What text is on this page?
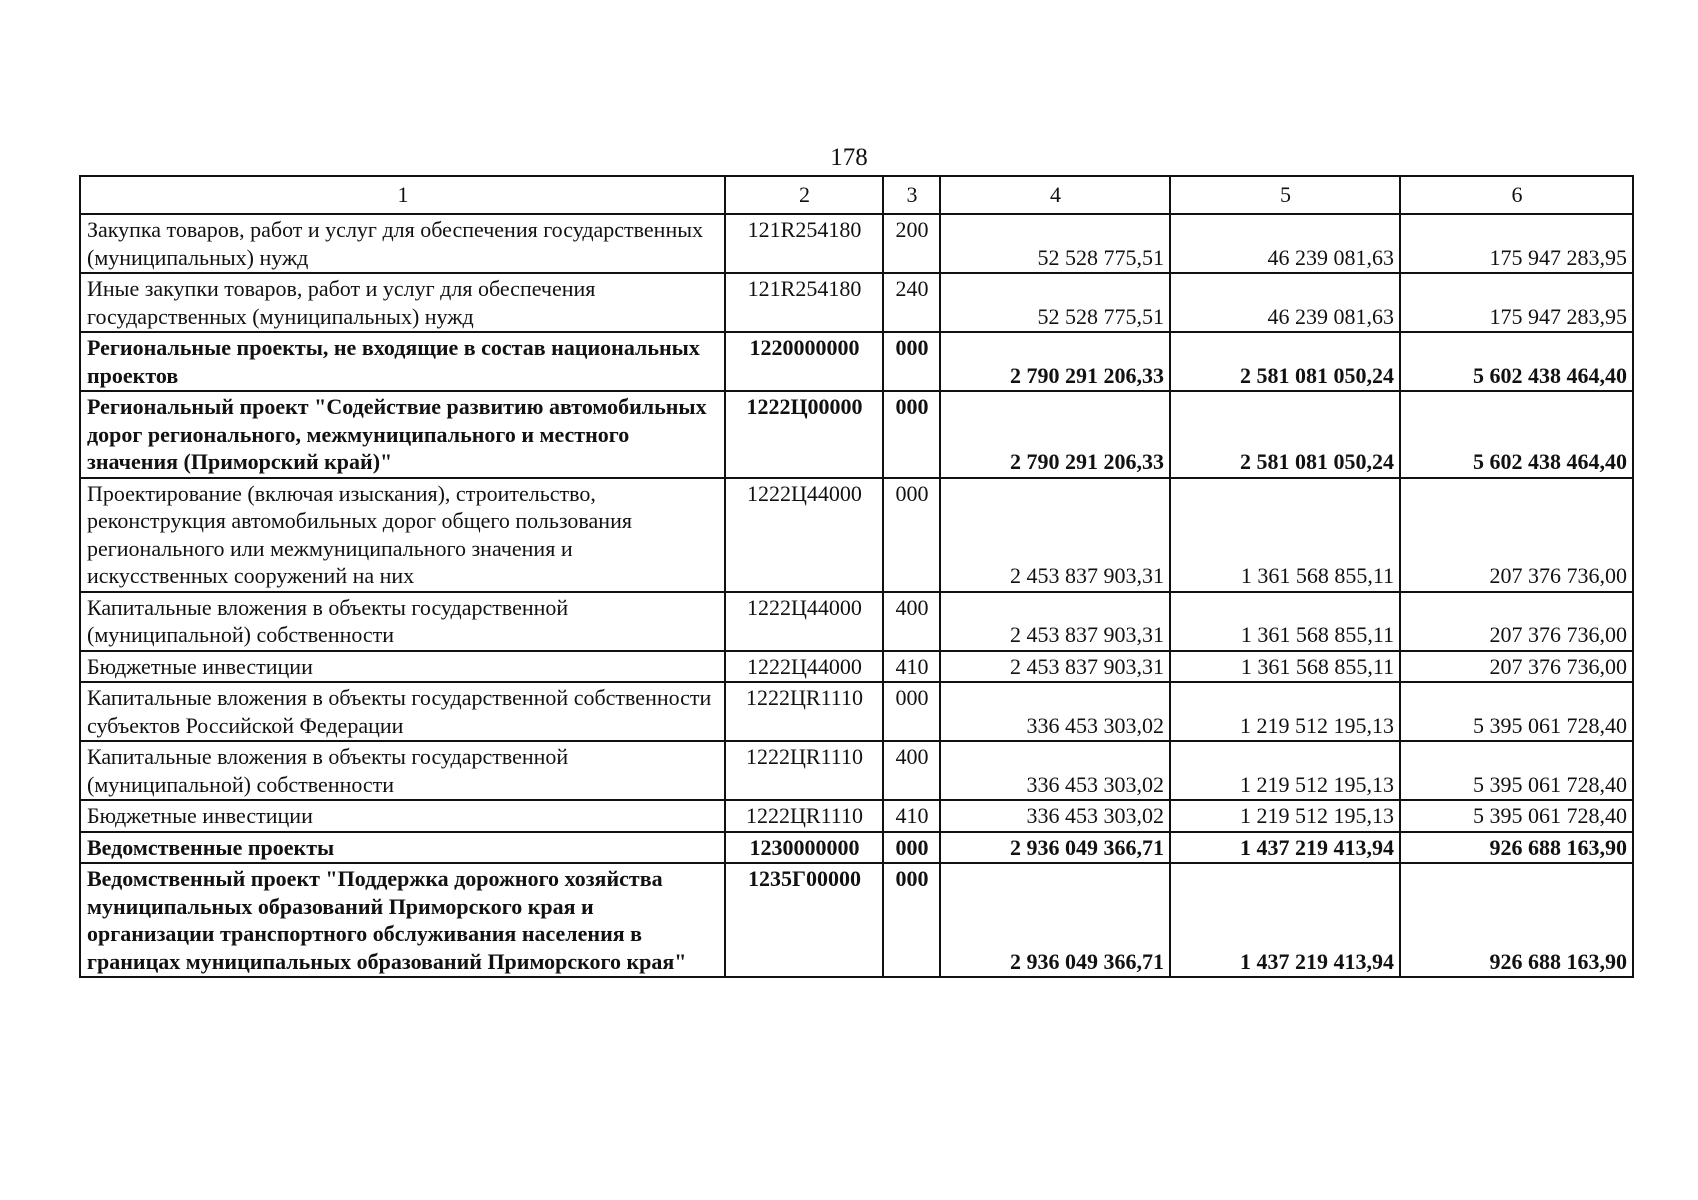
178
1	2	3	4	5	6
Закупка товаров, работ и услуг для обеспечения государственных (муниципальных) нужд	121R254180	200	52 528 775,51	46 239 081,63	175 947 283,95
Иные закупки товаров, работ и услуг для обеспечения государственных (муниципальных) нужд	121R254180	240	52 528 775,51	46 239 081,63	175 947 283,95
Региональные проекты, не входящие в состав национальных проектов	1220000000	000	2 790 291 206,33	2 581 081 050,24	5 602 438 464,40
Региональный проект "Содействие развитию автомобильных дорог регионального, межмуниципального и местного значения (Приморский край)"	1222Ц00000	000	2 790 291 206,33	2 581 081 050,24	5 602 438 464,40
Проектирование (включая изыскания), строительство, реконструкция автомобильных дорог общего пользования регионального или межмуниципального значения и искусственных сооружений на них	1222Ц44000	000	2 453 837 903,31	1 361 568 855,11	207 376 736,00
Капитальные вложения в объекты государственной (муниципальной) собственности	1222Ц44000	400	2 453 837 903,31	1 361 568 855,11	207 376 736,00
Бюджетные инвестиции	1222Ц44000	410	2 453 837 903,31	1 361 568 855,11	207 376 736,00
Капитальные вложения в объекты государственной собственности субъектов Российской Федерации	1222ЦR1110	000	336 453 303,02	1 219 512 195,13	5 395 061 728,40
Капитальные вложения в объекты государственной (муниципальной) собственности	1222ЦR1110	400	336 453 303,02	1 219 512 195,13	5 395 061 728,40
Бюджетные инвестиции	1222ЦR1110	410	336 453 303,02	1 219 512 195,13	5 395 061 728,40
Ведомственные проекты	1230000000	000	2 936 049 366,71	1 437 219 413,94	926 688 163,90
Ведомственный проект "Поддержка дорожного хозяйства муниципальных образований Приморского края и организации транспортного обслуживания населения в границах муниципальных образований Приморского края"	1235Г00000	000	2 936 049 366,71	1 437 219 413,94	926 688 163,90
